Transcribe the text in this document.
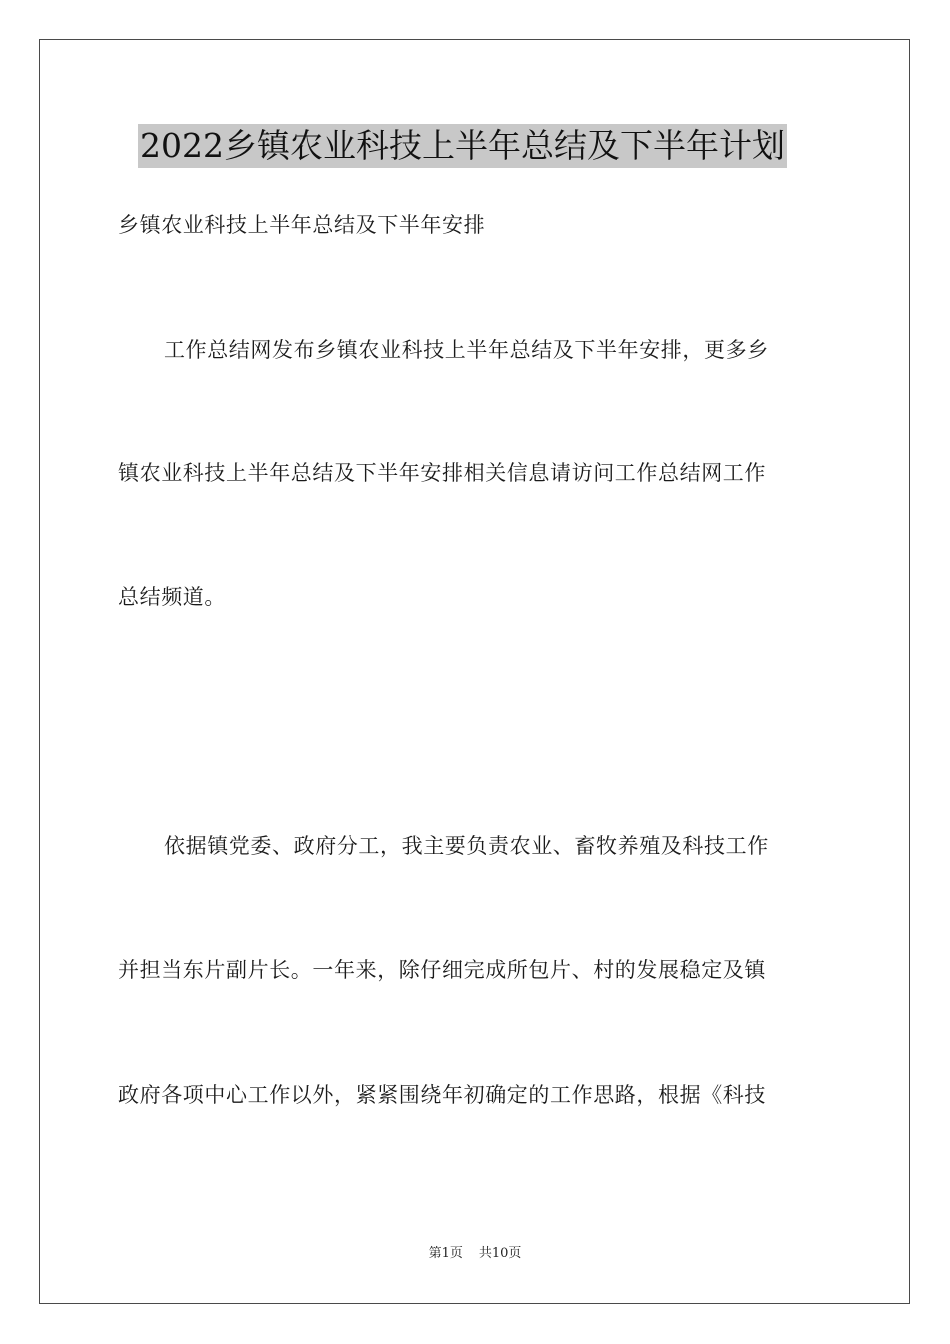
2022乡镇农业科技上半年总结及下半年计划
乡镇农业科技上半年总结及下半年安排
工作总结网发布乡镇农业科技上半年总结及下半年安排，更多乡
镇农业科技上半年总结及下半年安排相关信息请访问工作总结网工作
总结频道。
依据镇党委、政府分工，我主要负责农业、畜牧养殖及科技工作
并担当东片副片长。一年来，除仔细完成所包片、村的发展稳定及镇
政府各项中心工作以外，紧紧围绕年初确定的工作思路，根据《科技
第1页 共10页
